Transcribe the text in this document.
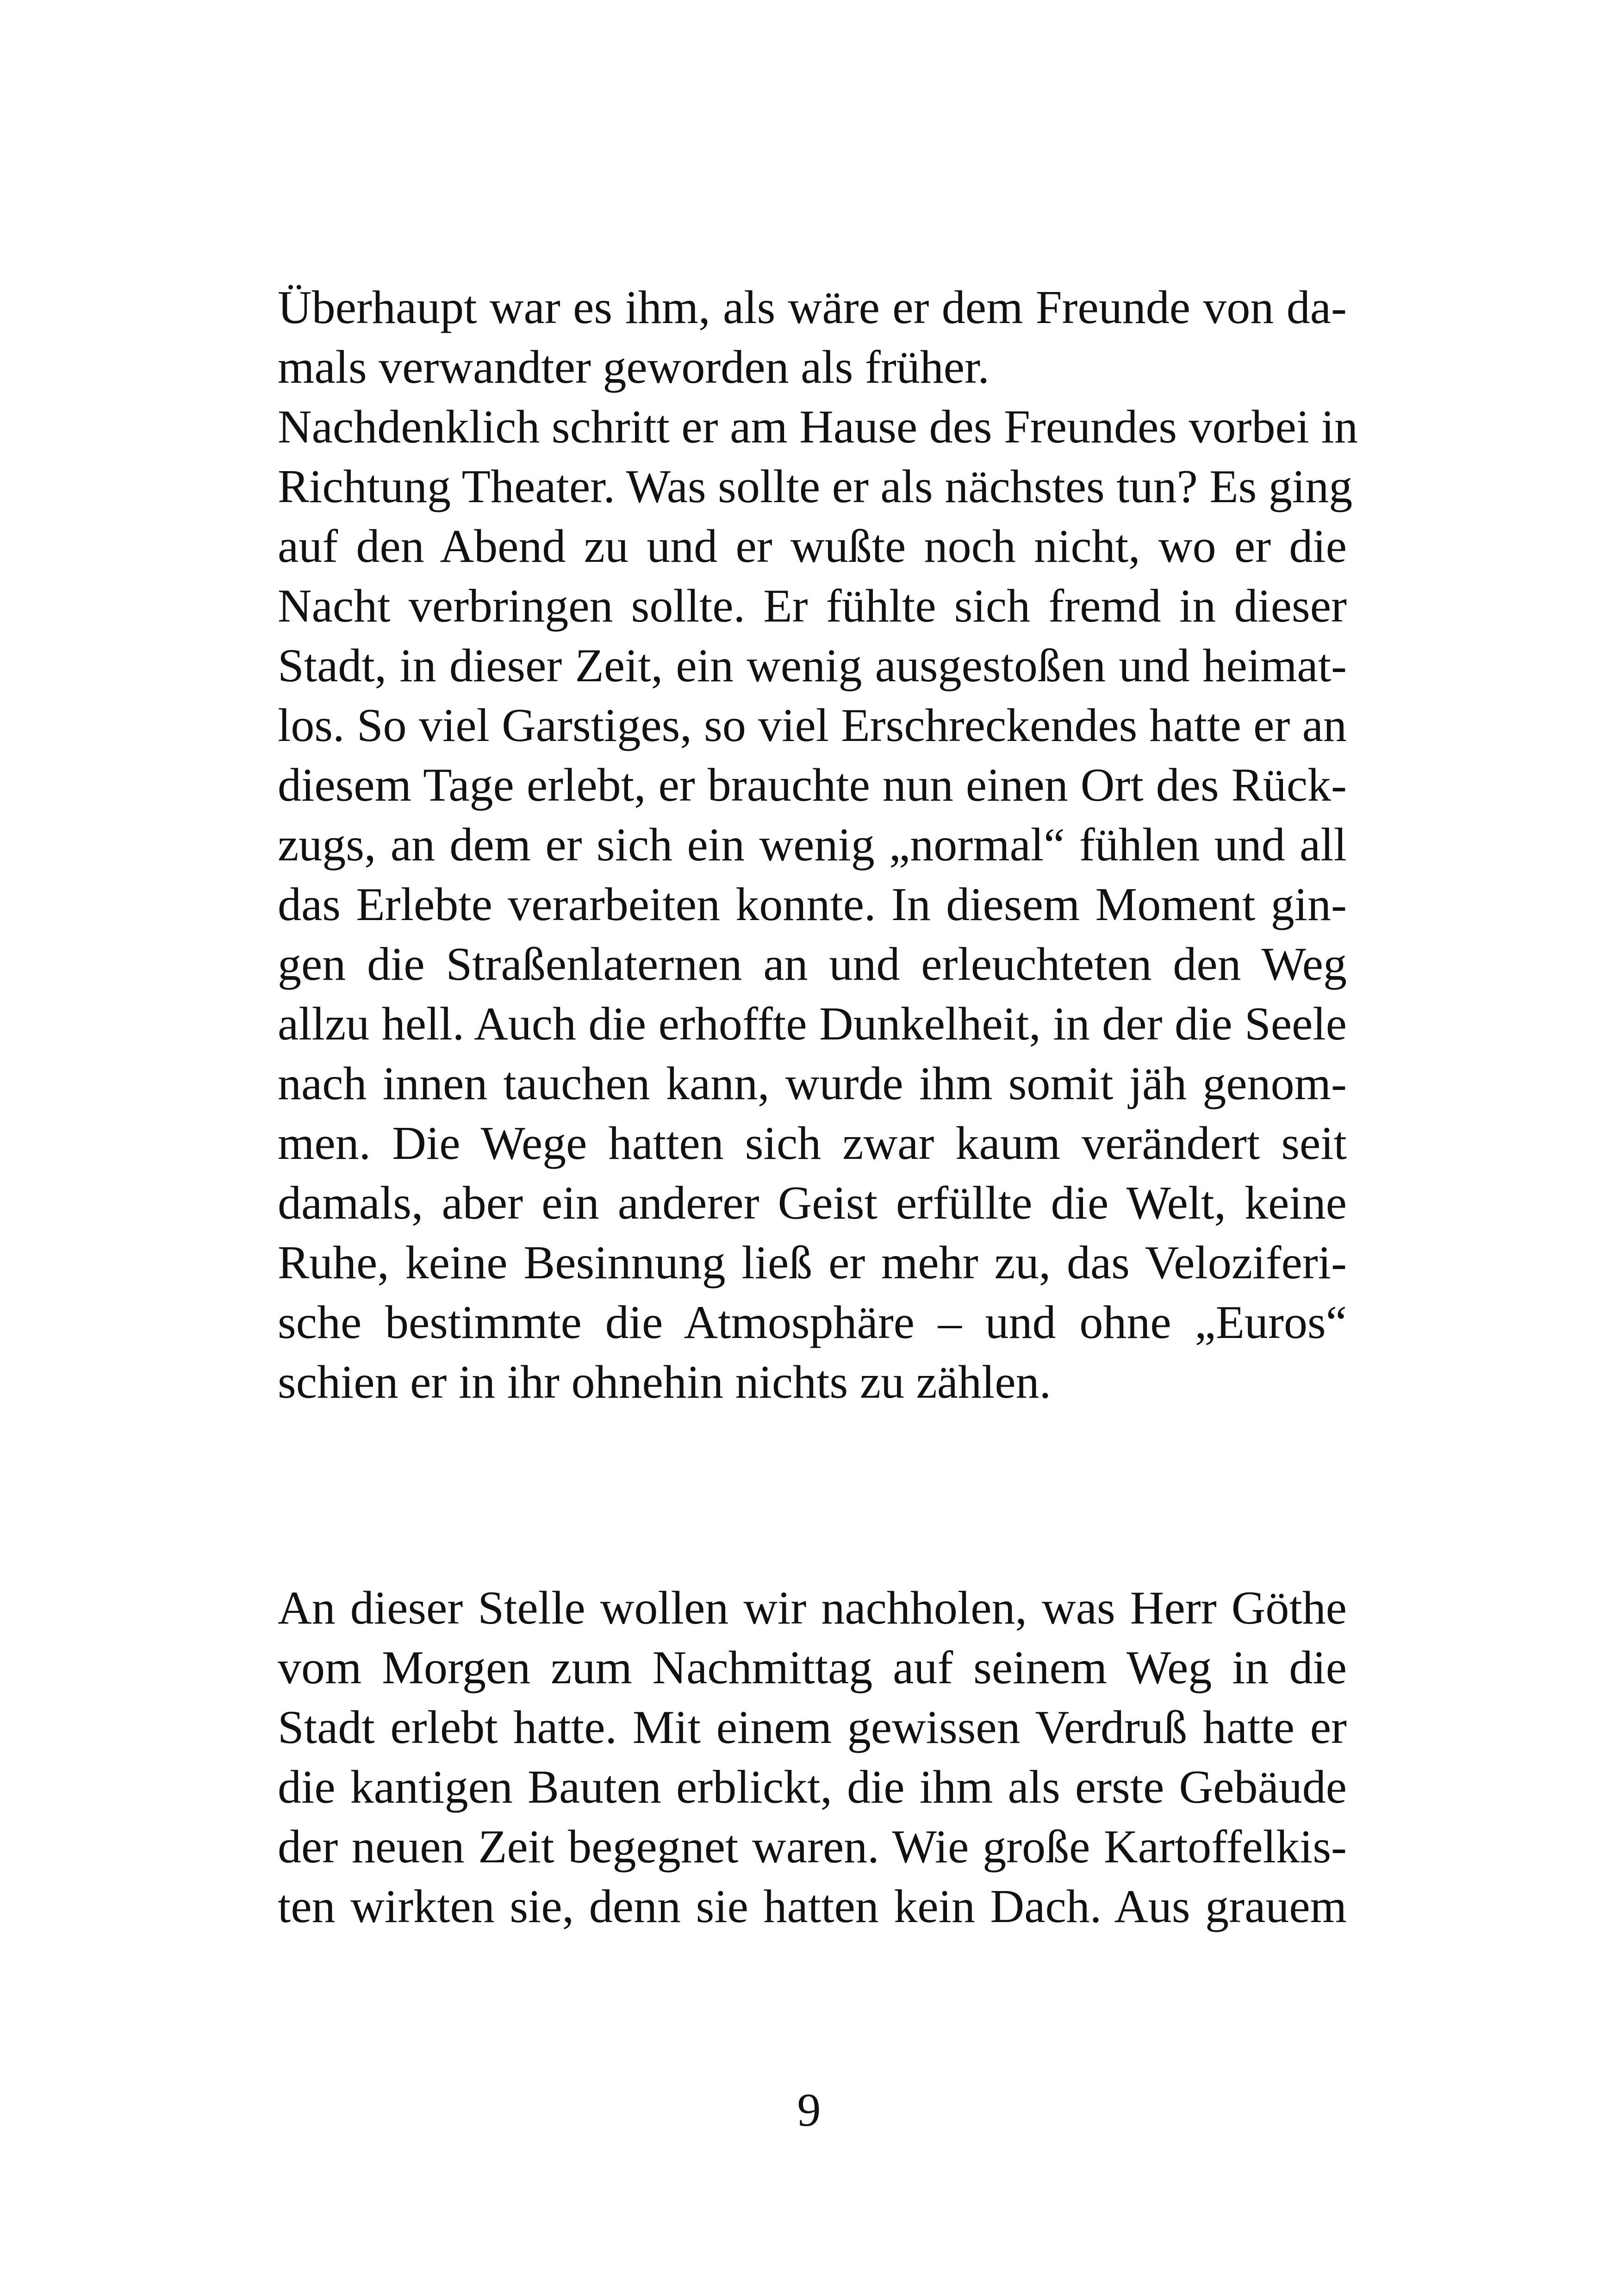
Überhaupt war es ihm, als wäre er dem Freunde von da-
mals verwandter geworden als früher.
Nachdenklich schritt er am Hause des Freundes vorbei in
Richtung Theater. Was sollte er als nächstes tun? Es ging
auf den Abend zu und er wußte noch nicht, wo er die
Nacht verbringen sollte. Er fühlte sich fremd in dieser
Stadt, in dieser Zeit, ein wenig ausgestoßen und heimat-
los. So viel Garstiges, so viel Erschreckendes hatte er an
diesem Tage erlebt, er brauchte nun einen Ort des Rück-
zugs, an dem er sich ein wenig „normal“ fühlen und all
das Erlebte verarbeiten konnte. In diesem Moment gin-
gen die Straßenlaternen an und erleuchteten den Weg
allzu hell. Auch die erhoffte Dunkelheit, in der die Seele
nach innen tauchen kann, wurde ihm somit jäh genom-
men. Die Wege hatten sich zwar kaum verändert seit
damals, aber ein anderer Geist erfüllte die Welt, keine
Ruhe, keine Besinnung ließ er mehr zu, das Veloziferi-
sche bestimmte die Atmosphäre – und ohne „Euros“
schien er in ihr ohnehin nichts zu zählen.
An dieser Stelle wollen wir nachholen, was Herr Göthe
vom Morgen zum Nachmittag auf seinem Weg in die
Stadt erlebt hatte. Mit einem gewissen Verdruß hatte er
die kantigen Bauten erblickt, die ihm als erste Gebäude
der neuen Zeit begegnet waren. Wie große Kartoffelkis-
ten wirkten sie, denn sie hatten kein Dach. Aus grauem
9
